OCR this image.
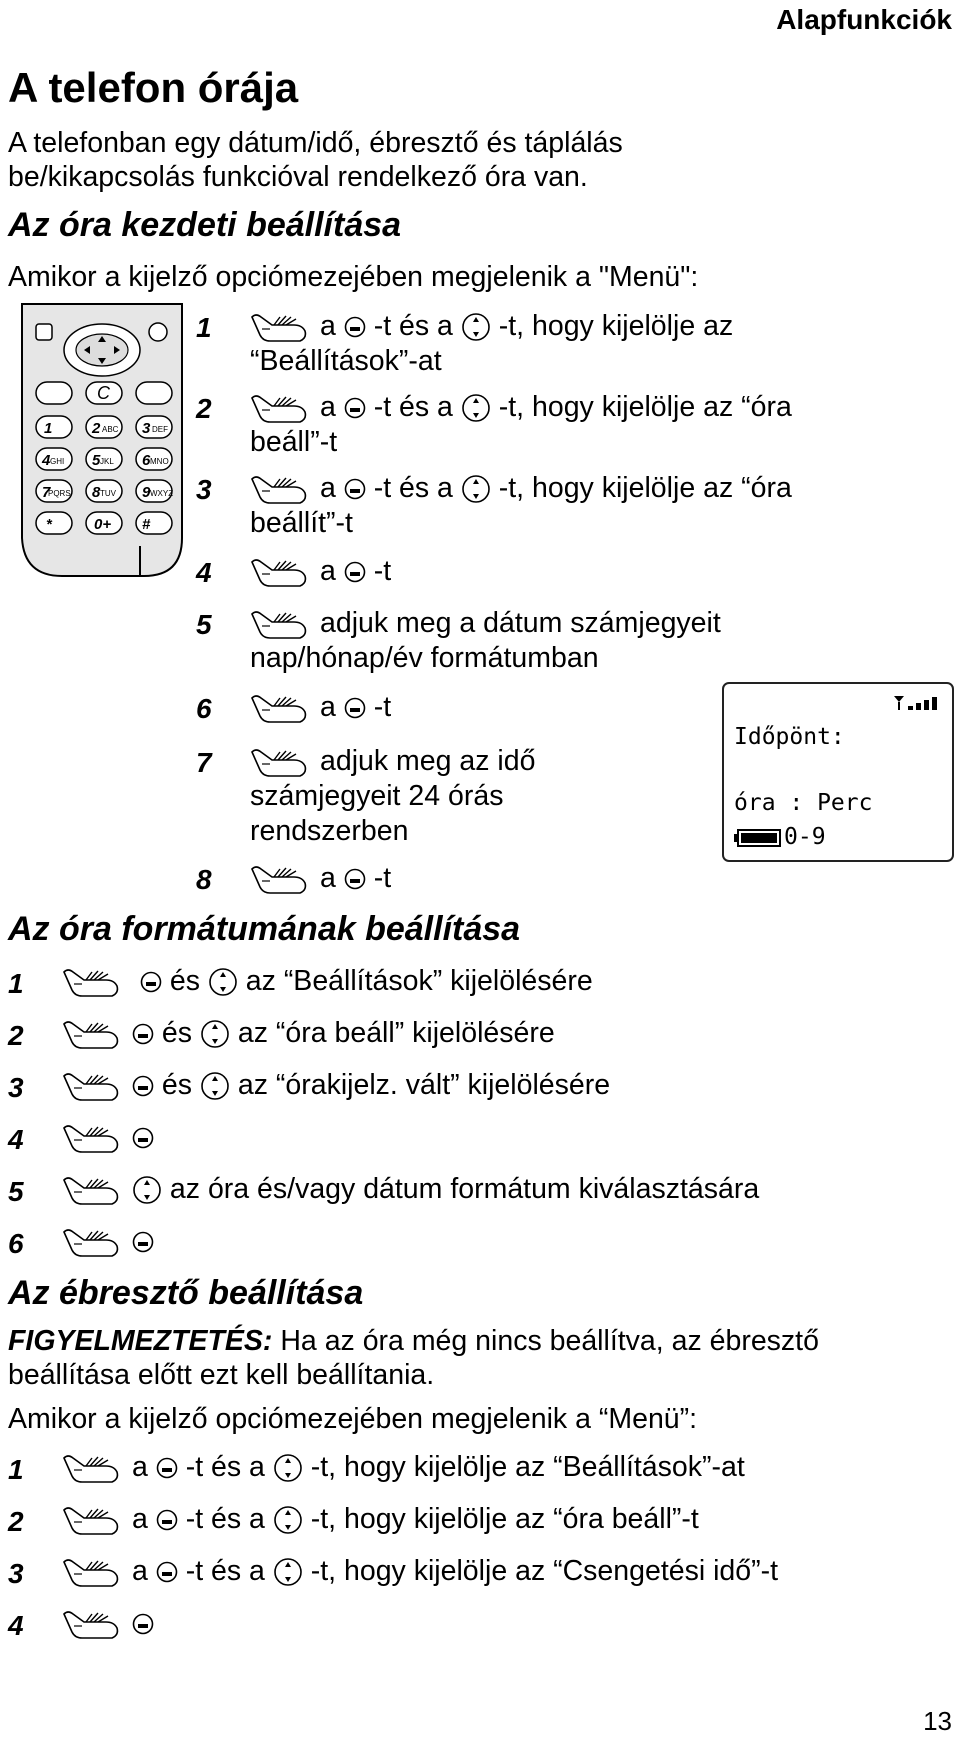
Alapfunkciók
A telefon órája
A telefonban egy dátum/idő, ébresztő és táplálás
be/kikapcsolás funkcióval rendelkező óra van.
Az óra kezdeti beállítása
Amikor a kijelző opciómezejében megjelenik a "Menü":
C
1	2	3
4	5	6
7	8	9
*	0+ #
ABC	DEF
GHI	JKL	MNO
PQRS	TUV	WXYZ
1	a -t és a -t, hogy kijelölje az
“Beállítások”-at
2	a -t és a -t, hogy kijelölje az “óra
beáll”-t
3	a -t és a -t, hogy kijelölje az “óra
beállít”-t
4	a -t
5	adjuk meg a dátum számjegyeit
nap/hónap/év formátumban
6	a -t
7	adjuk meg az idő
számjegyeit 24 órás
rendszerben
8	a -t
Időpönt:
óra : Perc
0-9
Az óra formátumának beállítása
1	és az “Beállítások” kijelölésére
2	és az “óra beáll” kijelölésére
3	és az “órakijelz. vált” kijelölésére
4
5	az óra és/vagy dátum formátum kiválasztására
6
Az ébresztő beállítása
FIGYELMEZTETÉS: Ha az óra még nincs beállítva, az ébresztő
beállítása előtt ezt kell beállítania.
Amikor a kijelző opciómezejében megjelenik a “Menü”:
1	a -t és a -t, hogy kijelölje az “Beállítások”-at
2	a -t és a -t, hogy kijelölje az “óra beáll”-t
3	a -t és a -t, hogy kijelölje az “Csengetési idő”-t
4
13
